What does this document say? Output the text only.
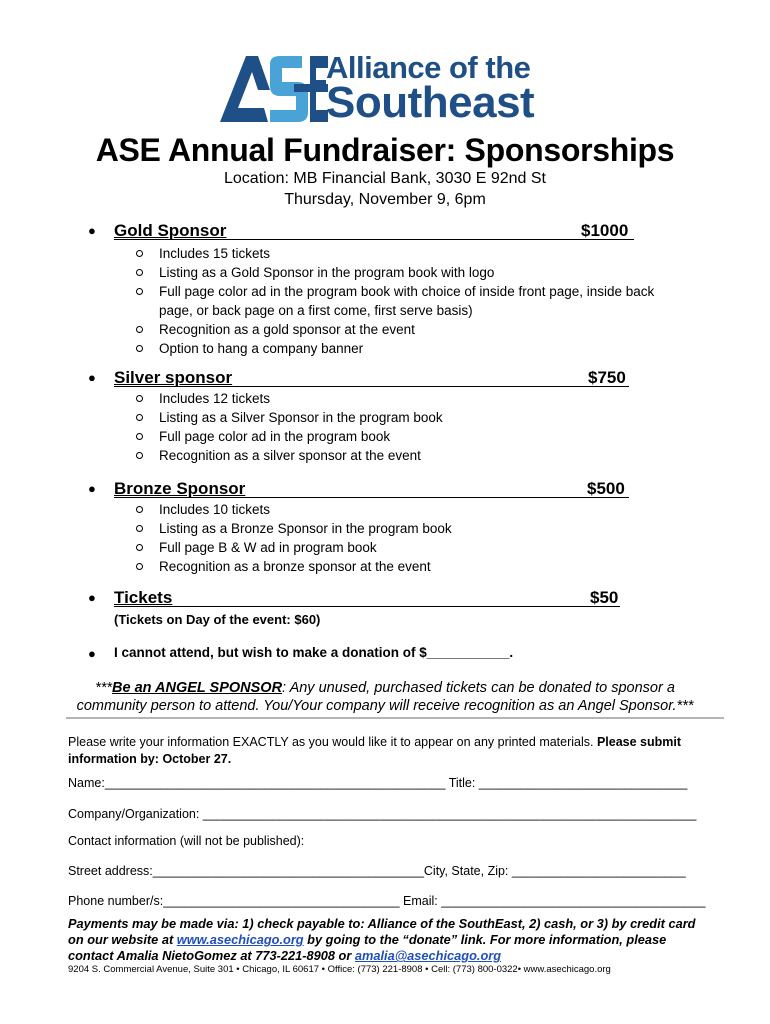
Alliance of the
Southeast
ASE Annual Fundraiser: Sponsorships
Location: MB Financial Bank, 3030 E 92nd St
Thursday, November 9, 6pm
● Gold Sponsor	$1000
Includes 15 tickets
Listing as a Gold Sponsor in the program book with logo
Full page color ad in the program book with choice of inside front page, inside back page, or back page on a first come, first serve basis)
Recognition as a gold sponsor at the event
Option to hang a company banner
● Silver sponsor	$750
Includes 12 tickets
Listing as a Silver Sponsor in the program book
Full page color ad in the program book
Recognition as a silver sponsor at the event
● Bronze Sponsor	$500
Includes 10 tickets
Listing as a Bronze Sponsor in the program book
Full page B & W ad in program book
Recognition as a bronze sponsor at the event
● Tickets	$50
(Tickets on Day of the event: $60)
● I cannot attend, but wish to make a donation of $___________.
***Be an ANGEL SPONSOR: Any unused, purchased tickets can be donated to sponsor a community person to attend. You/Your company will receive recognition as an Angel Sponsor.***
Please write your information EXACTLY as you would like it to appear on any printed materials. Please submit information by: October 27.
Name:_________________________________________________ Title: ______________________________
Company/Organization: _______________________________________________________________________
Contact information (will not be published):
Street address:_______________________________________City, State, Zip: _________________________
Phone number/s:__________________________________ Email: ______________________________________
Payments may be made via: 1) check payable to: Alliance of the SouthEast, 2) cash, or 3) by credit card on our website at www.asechicago.org by going to the “donate” link. For more information, please contact Amalia NietoGomez at 773-221-8908 or amalia@asechicago.org
9204 S. Commercial Avenue, Suite 301 • Chicago, IL 60617 • Office: (773) 221-8908 • Cell: (773) 800-0322• www.asechicago.org
